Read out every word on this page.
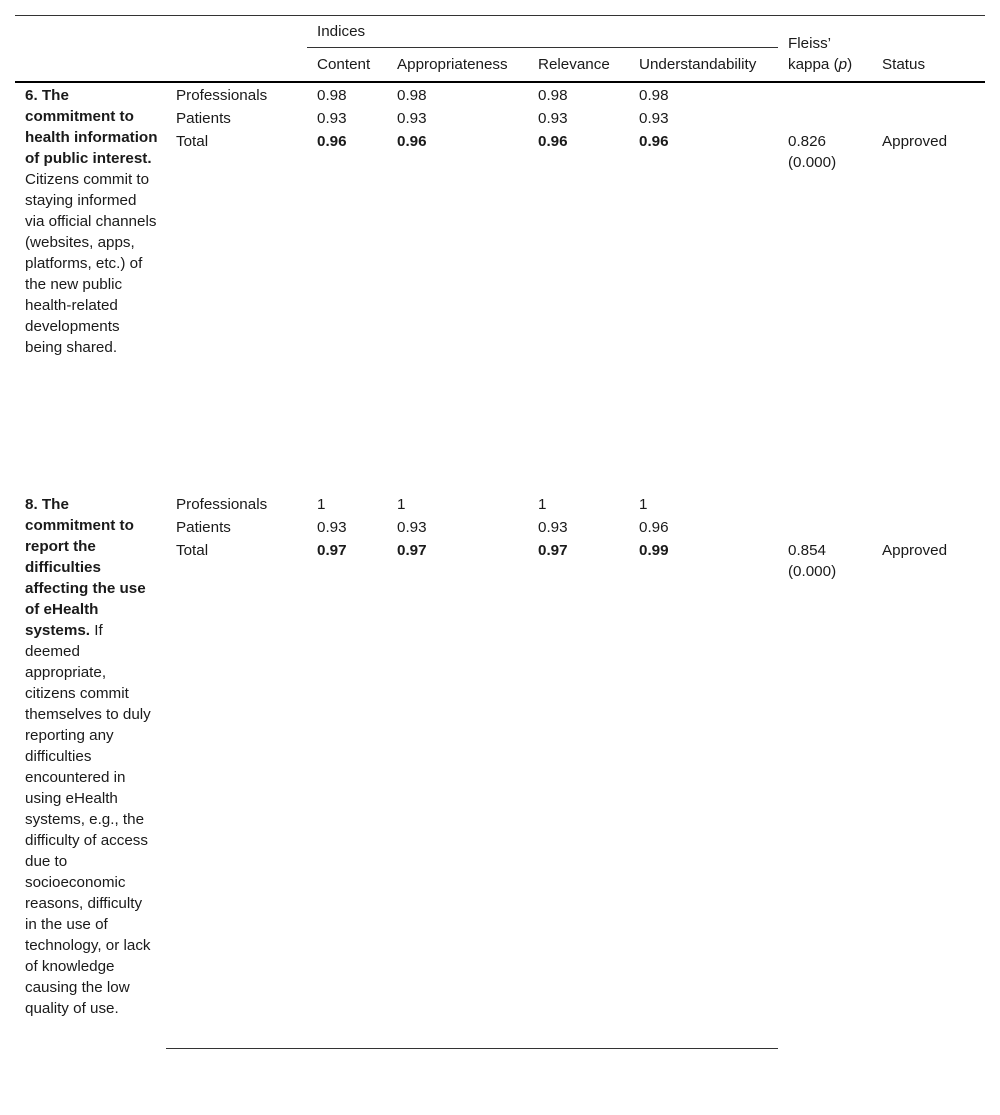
		Indices				Fleiss’ kappa (p)	Status
		Content	Appropriateness	Relevance	Understandability		
6. The commitment to health information of public interest. Citizens commit to staying informed via official channels (websites, apps, platforms, etc.) of the new public health-related developments being shared.	Professionals	0.98	0.98	0.98	0.98		
	Patients	0.93	0.93	0.93	0.93		
	Total	0.96	0.96	0.96	0.96	0.826 (0.000)	Approved

8. The commitment to report the difficulties affecting the use of eHealth systems. If deemed appropriate, citizens commit themselves to duly reporting any difficulties encountered in using eHealth systems, e.g., the difficulty of access due to socioeconomic reasons, difficulty in the use of technology, or lack of knowledge causing the low quality of use.	Professionals	1	1	1	1		
	Patients	0.93	0.93	0.93	0.96		
	Total	0.97	0.97	0.97	0.99	0.854 (0.000)	Approved
